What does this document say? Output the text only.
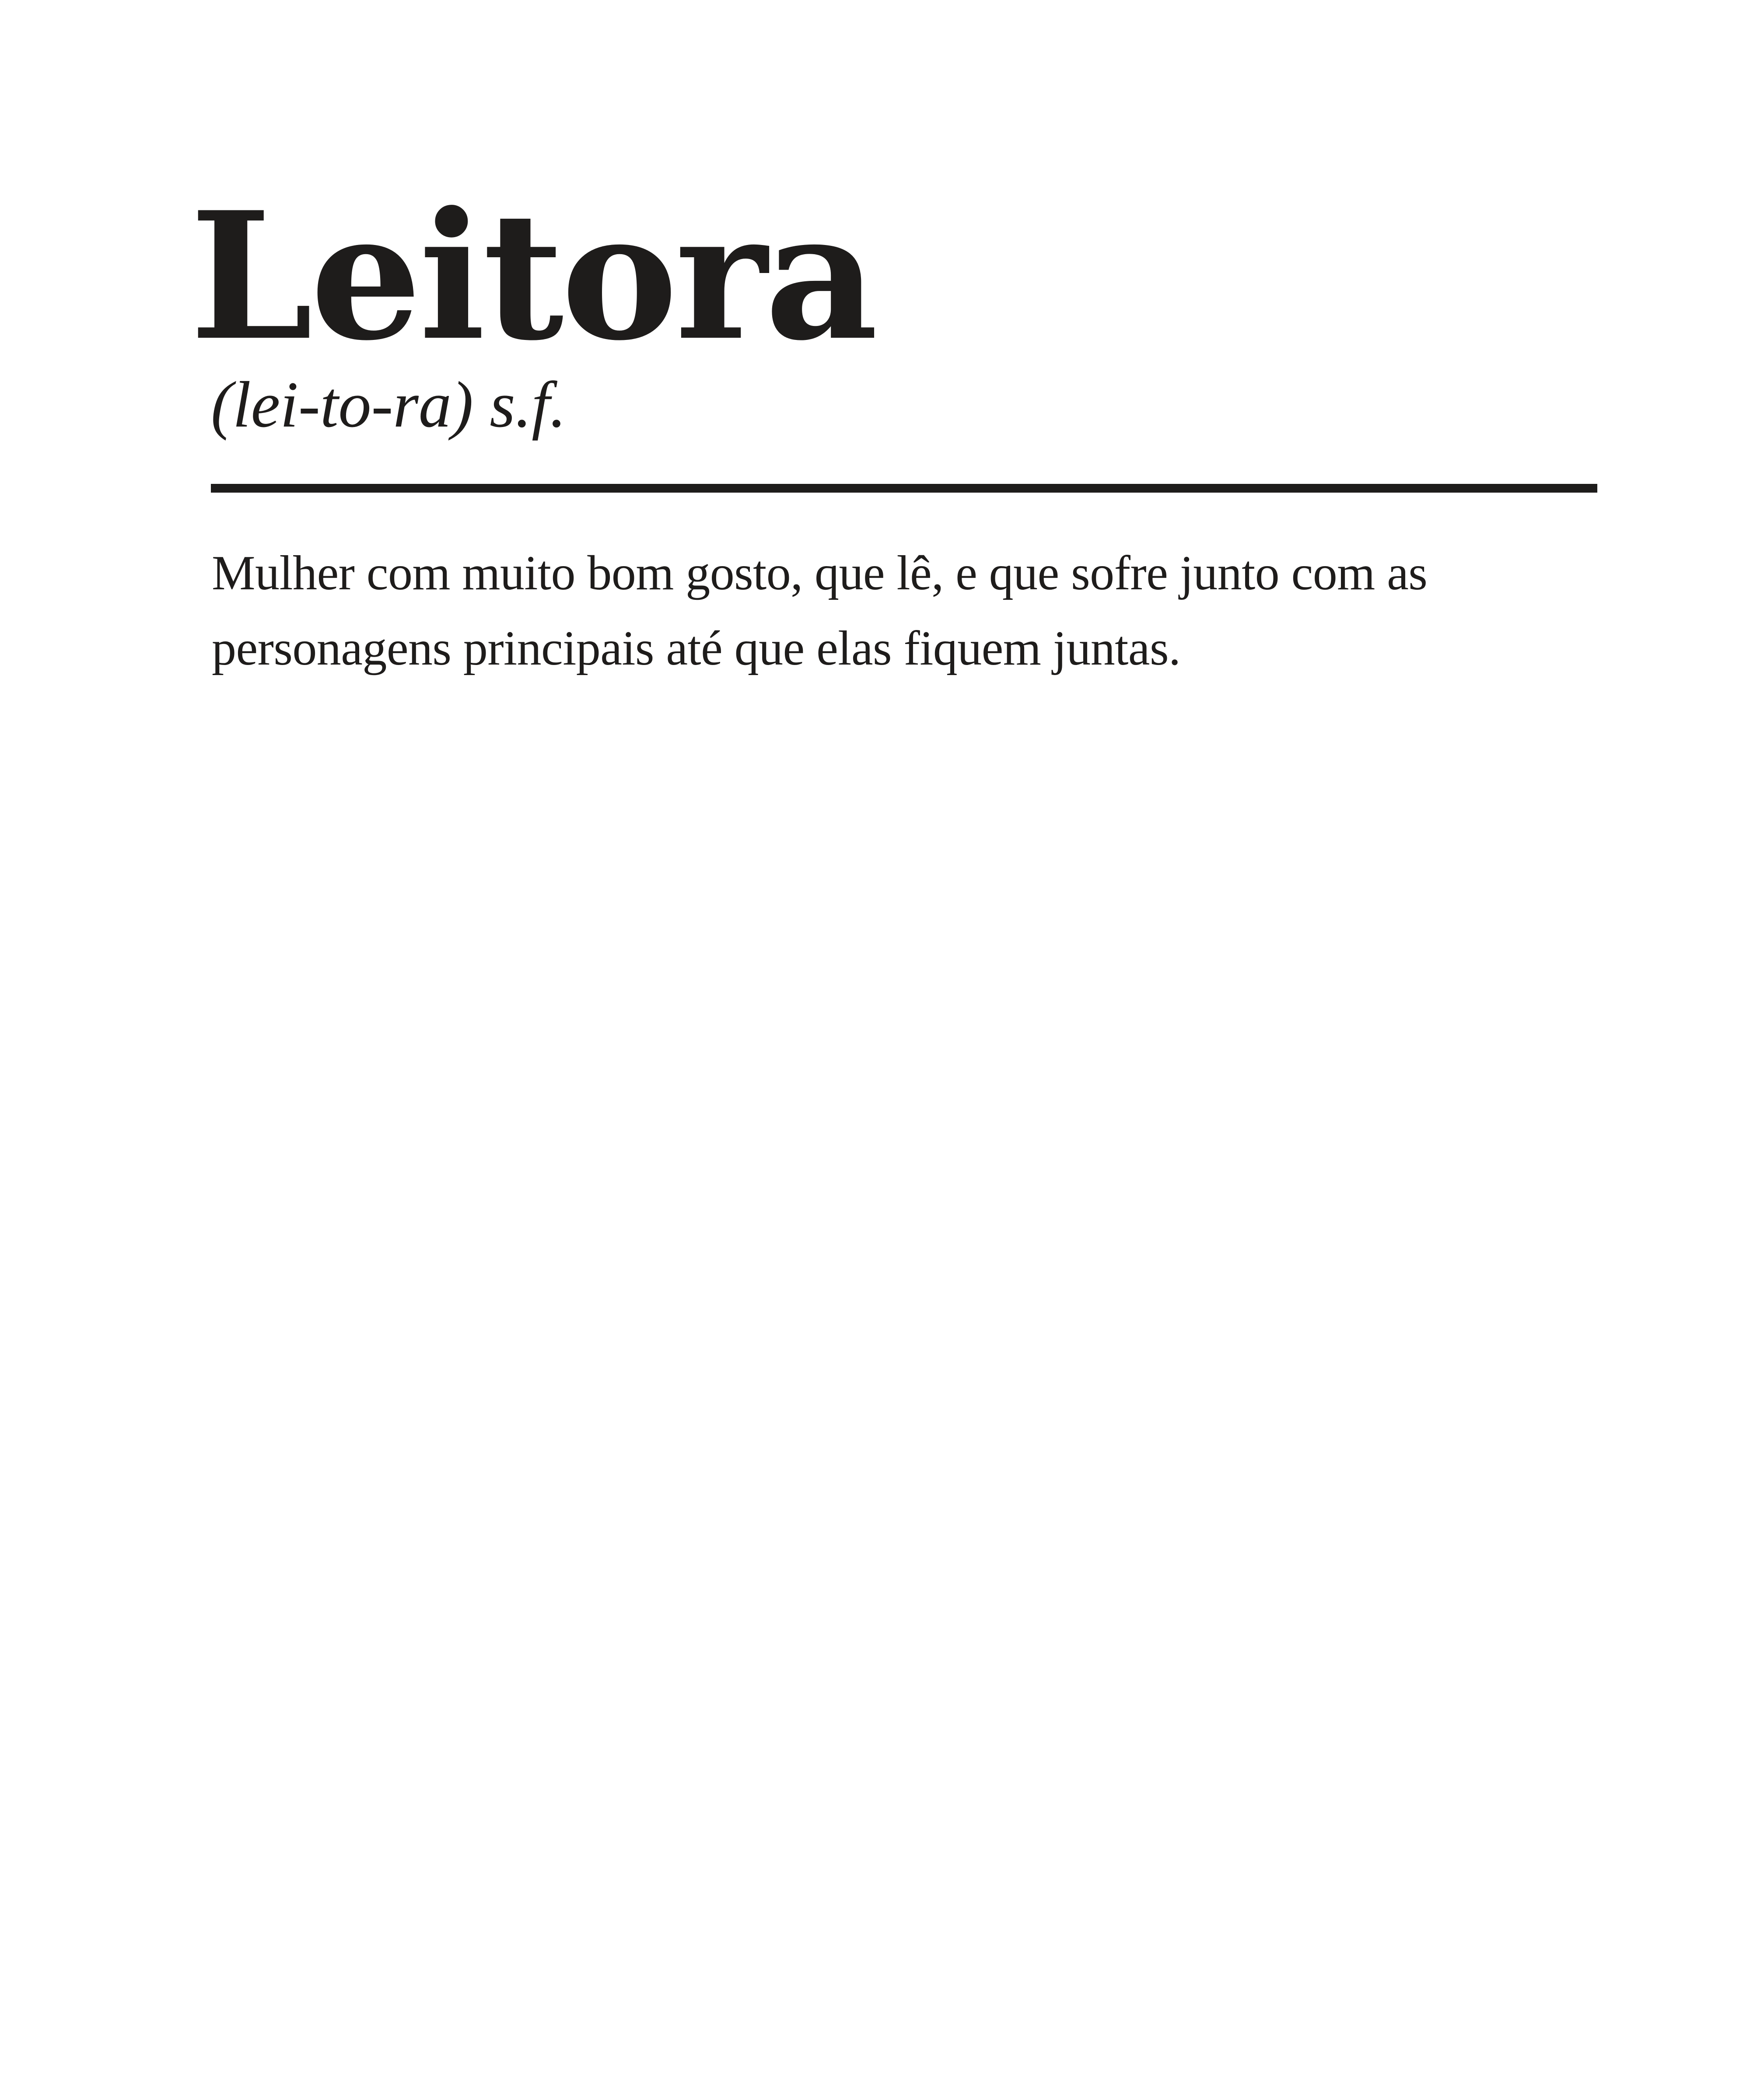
Leitora

(lei-to-ra) s.f.

Mulher com muito bom gosto, que lê, e que sofre junto com as
personagens principais até que elas fiquem juntas.
